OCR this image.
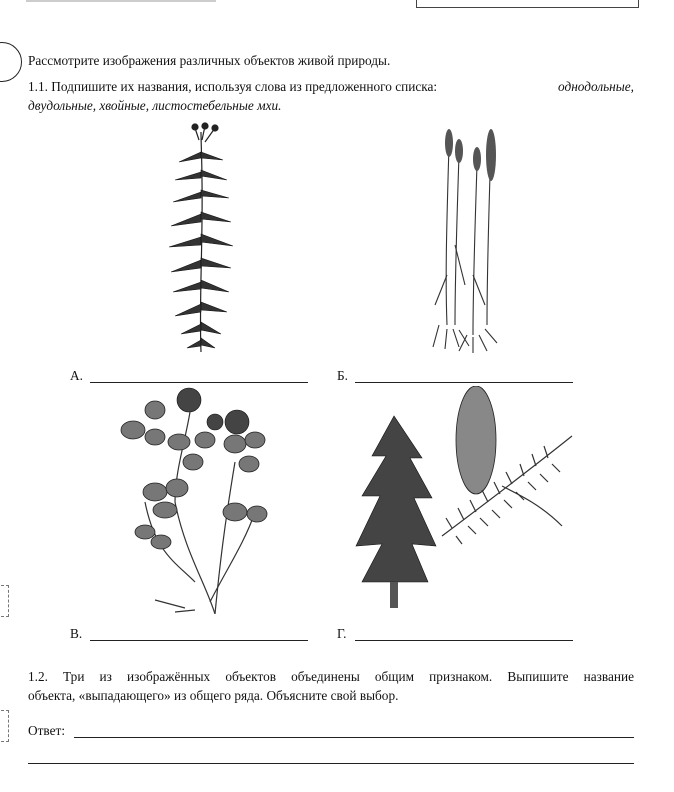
Рассмотрите изображения различных объектов живой природы.
1.1. Подпишите их названия, используя слова из предложенного списка:	однодольные,
двудольные, хвойные, листостебельные мхи.
А.	Б.
В.	Г.
1.2. Три из изображённых объектов объединены общим признаком. Выпишите название
объекта, «выпадающего» из общего ряда. Объясните свой выбор.
Ответ:
